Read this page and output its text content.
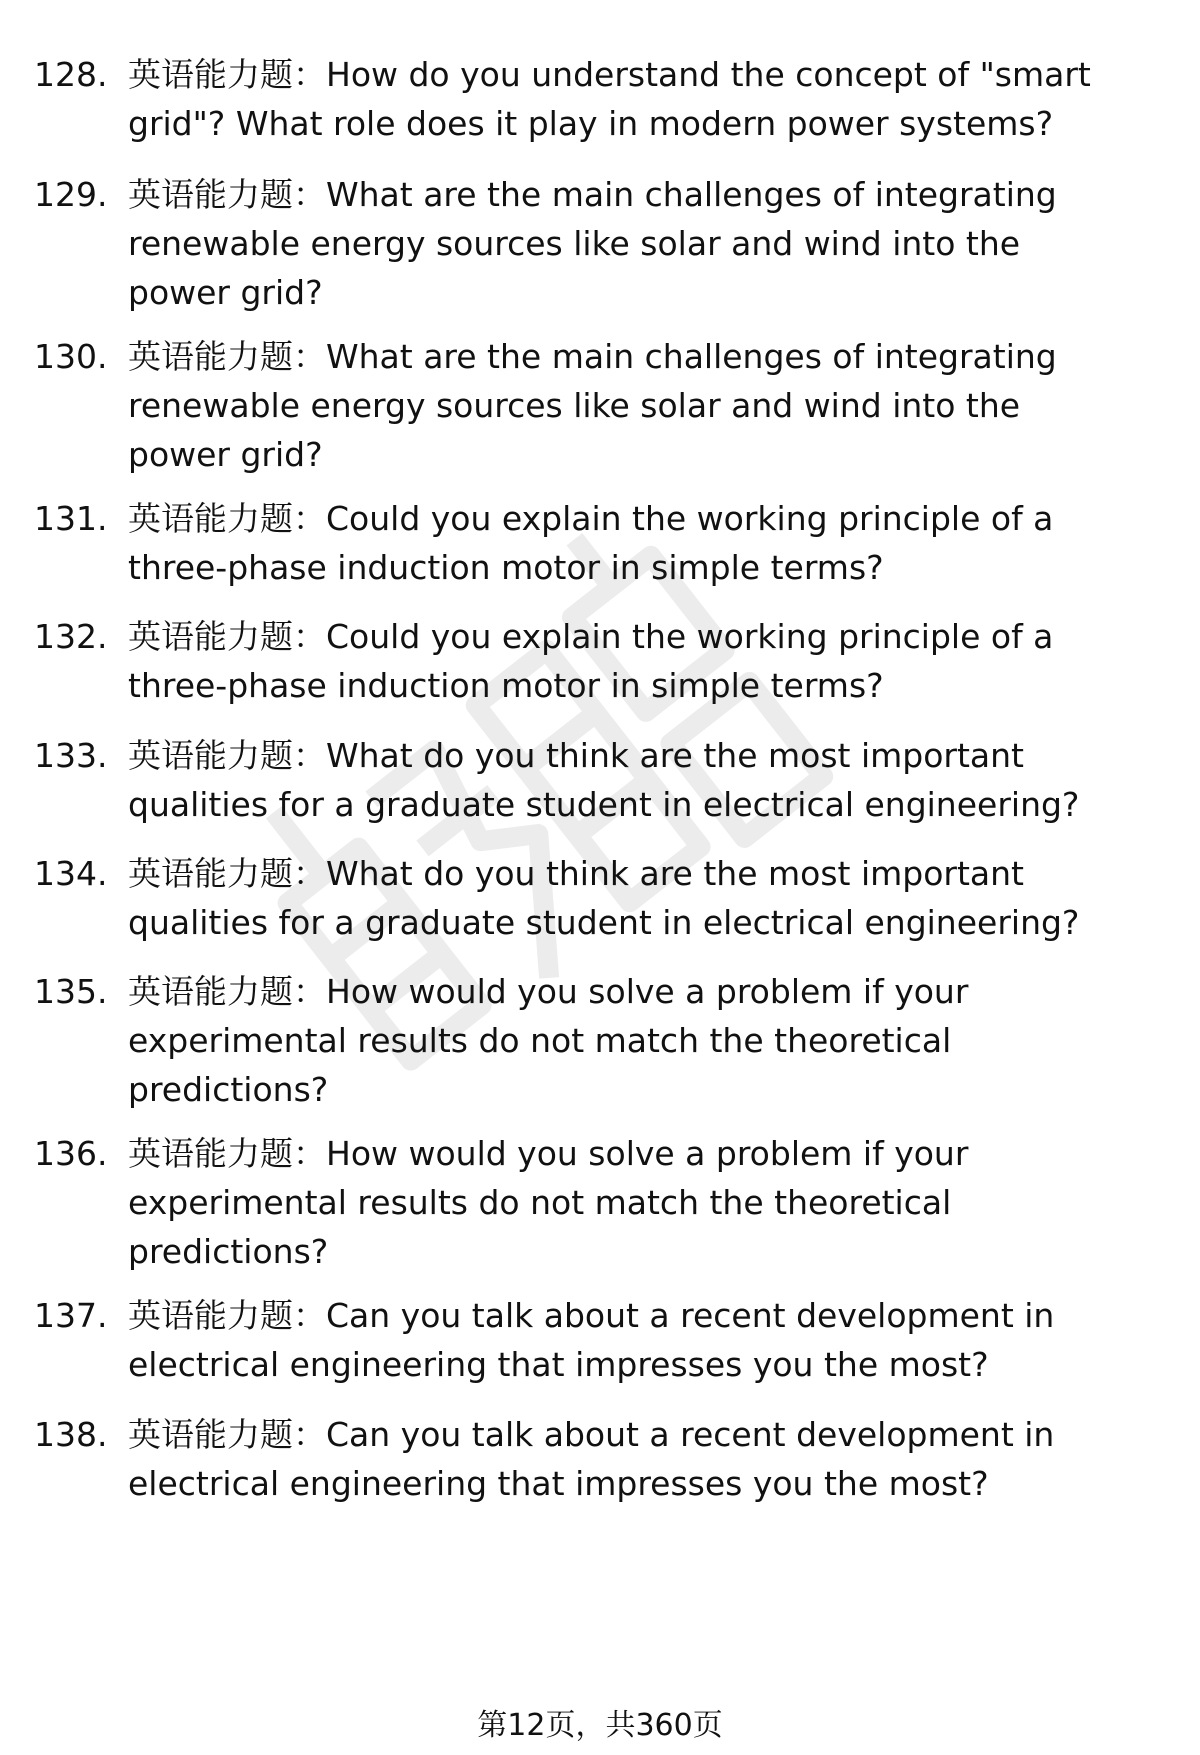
128. 英语能力题：How do you understand the concept of "smart
grid"? What role does it play in modern power systems?
129. 英语能力题：What are the main challenges of integrating
renewable energy sources like solar and wind into the
power grid?
130. 英语能力题：What are the main challenges of integrating
renewable energy sources like solar and wind into the
power grid?
131. 英语能力题：Could you explain the working principle of a
three-phase induction motor in simple terms?
132. 英语能力题：Could you explain the working principle of a
three-phase induction motor in simple terms?
133. 英语能力题：What do you think are the most important
qualities for a graduate student in electrical engineering?
134. 英语能力题：What do you think are the most important
qualities for a graduate student in electrical engineering?
135. 英语能力题：How would you solve a problem if your
experimental results do not match the theoretical
predictions?
136. 英语能力题：How would you solve a problem if your
experimental results do not match the theoretical
predictions?
137. 英语能力题：Can you talk about a recent development in
electrical engineering that impresses you the most?
138. 英语能力题：Can you talk about a recent development in
electrical engineering that impresses you the most?
第12页，共360页
